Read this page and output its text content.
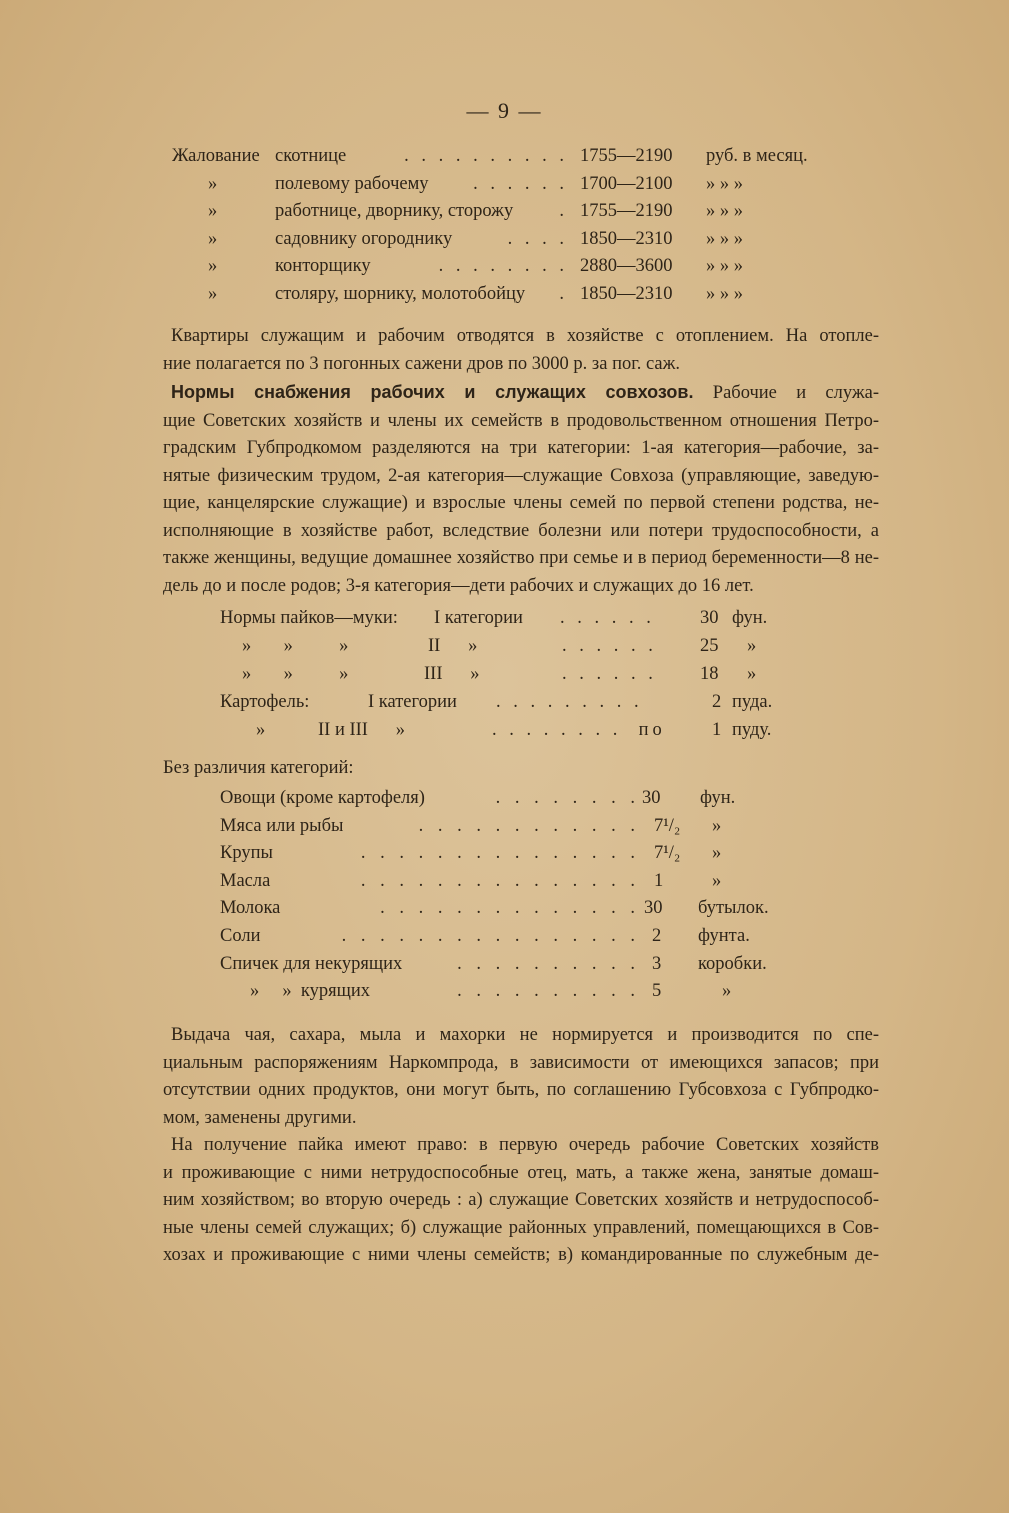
— 9 —
Жалование скотнице	. . . . . . . . . . 1755—2190 руб. в месяц.
»	полевому рабочему	. . . . . . 1700—2100 » » »
»	работнице, дворнику, сторожу	. 1755—2190 » » »
»	садовнику огороднику	. . . . 1850—2310 » » »
»	конторщику	. . . . . . . . 2880—3600 » » »
»	столяру, шорнику, молотобойцу	. 1850—2310 » » »
Квартиры служащим и рабочим отводятся в хозяйстве с отоплением. На отопле-
ние полагается по 3 погонных сажени дров по 3000 р. за пог. саж.
Нормы снабжения рабочих и служащих совхозов. Рабочие и служа-
щие Советских хозяйств и члены их семейств в продовольственном отношения Петро-
градским Губпродкомом разделяются на три категории: 1-ая категория—рабочие, за-
нятые физическим трудом, 2-ая категория—служащие Совхоза (управляющие, заведую-
щие, канцелярские служащие) и взрослые члены семей по первой степени родства, не-
исполняющие в хозяйстве работ, вследствие болезни или потери трудоспособности, а
также женщины, ведущие домашнее хозяйство при семье и в период беременности—8 не-
дель до и после родов; 3-я категория—дети рабочих и служащих до 16 лет.
Нормы пайков—муки: I категории . . . . . . 30 фун.
»       »          »	II      »	. . . . . . 25 »
»       »          »	III      »	. . . . . . 18 »
Картофель:	I категории . . . . . . . . .	2 пуда.
»	II и III      »	. . . . . . . .  по 1 пуду.
Без различия категорий:
Овощи (кроме картофеля)	. . . . . . . . 30 фун.
Мяса или рыбы	. . . . . . . . . . . . 7¹/₂ »
Крупы	. . . . . . . . . . . . . . . 7¹/₂ »
Масла	. . . . . . . . . . . . . . . 1	»
Молока	. . . . . . . . . . . . . . 30 бутылок.
Соли	. . . . . . . . . . . . . . . . 2 фунта.
Спичек для некурящих	. . . . . . . . . . 3 коробки.
»     »  курящих	. . . . . . . . . . 5	»
Выдача чая, сахара, мыла и махорки не нормируется и производится по спе-
циальным распоряжениям Наркомпрода, в зависимости от имеющихся запасов; при
отсутствии одних продуктов, они могут быть, по соглашению Губсовхоза с Губпродко-
мом, заменены другими.
На получение пайка имеют право: в первую очередь рабочие Советских хозяйств
и проживающие с ними нетрудоспособные отец, мать, а также жена, занятые домаш-
ним хозяйством; во вторую очередь : а) служащие Советских хозяйств и нетрудоспособ-
ные члены семей служащих; б) служащие районных управлений, помещающихся в Сов-
хозах и проживающие с ними члены семейств; в) командированные по служебным де-
